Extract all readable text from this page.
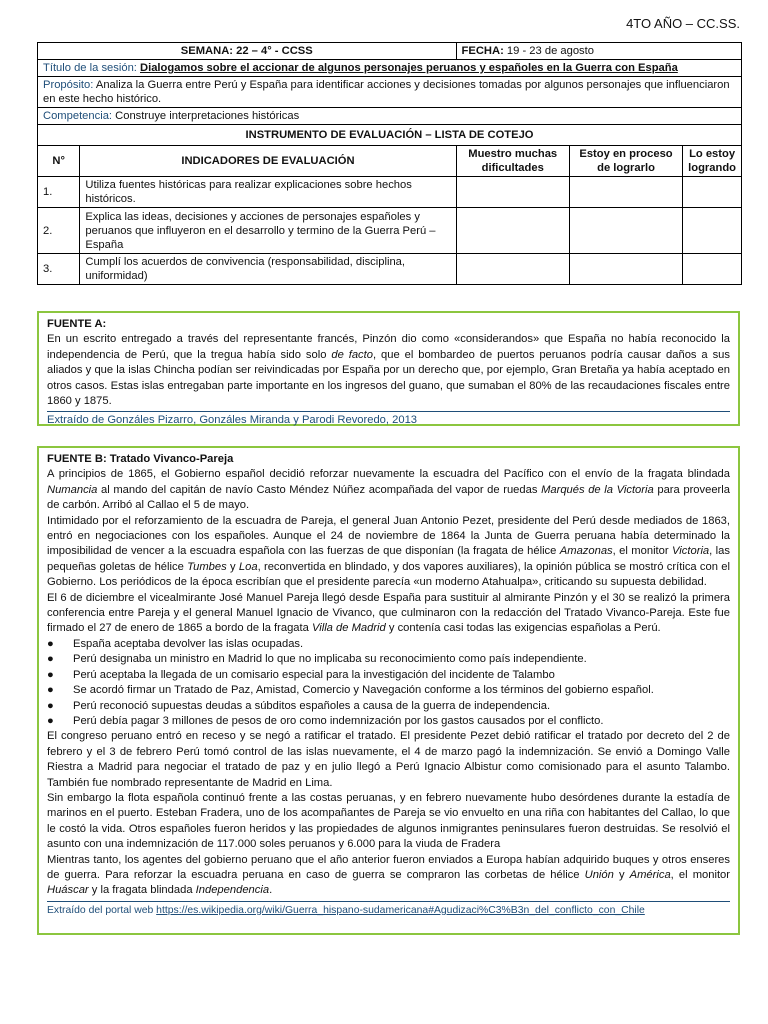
4TO AÑO – CC.SS.
SEMANA: 22 – 4° - CCSS		FECHA: 19 - 23 de agosto		
Título de la sesión: Dialogamos sobre el accionar de algunos personajes peruanos y españoles en la Guerra con España				
Propósito: Analiza la Guerra entre Perú y España para identificar acciones y decisiones tomadas por algunos personajes que influenciaron en este hecho histórico.				
Competencia: Construye interpretaciones históricas				
INSTRUMENTO DE EVALUACIÓN – LISTA DE COTEJO				
N°	INDICADORES DE EVALUACIÓN	Muestro muchas dificultades	Estoy en proceso de lograrlo	Lo estoy logrando
1.	Utiliza fuentes históricas para realizar explicaciones sobre hechos históricos.			
2.	Explica las ideas, decisiones y acciones de personajes españoles y peruanos que influyeron en el desarrollo y termino de la Guerra Perú – España			
3.	Cumplí los acuerdos de convivencia (responsabilidad, disciplina, uniformidad)			
FUENTE A:
En un escrito entregado a través del representante francés, Pinzón dio como «considerandos» que España no había reconocido la independencia de Perú, que la tregua había sido solo de facto, que el bombardeo de puertos peruanos podría causar daños a sus aliados y que la islas Chincha podían ser reivindicadas por España por un derecho que, por ejemplo, Gran Bretaña ya había aceptado en otros casos. Estas islas entregaban parte importante en los ingresos del guano, que sumaban el 80% de las recaudaciones fiscales entre 1860 y 1875.
Extraído de Gonzáles Pizarro, Gonzáles Miranda y Parodi Revoredo, 2013
FUENTE B: Tratado Vivanco-Pareja
A principios de 1865, el Gobierno español decidió reforzar nuevamente la escuadra del Pacífico con el envío de la fragata blindada Numancia al mando del capitán de navío Casto Méndez Núñez acompañada del vapor de ruedas Marqués de la Victoria para proveerla de carbón. Arribó al Callao el 5 de mayo.
Intimidado por el reforzamiento de la escuadra de Pareja, el general Juan Antonio Pezet, presidente del Perú desde mediados de 1863, entró en negociaciones con los españoles. Aunque el 24 de noviembre de 1864 la Junta de Guerra peruana había determinado la imposibilidad de vencer a la escuadra española con las fuerzas de que disponían (la fragata de hélice Amazonas, el monitor Victoria, las pequeñas goletas de hélice Tumbes y Loa, reconvertida en blindado, y dos vapores auxiliares), la opinión pública se mostró crítica con el Gobierno. Los periódicos de la época escribían que el presidente parecía «un moderno Atahualpa», criticando su supuesta debilidad.
El 6 de diciembre el vicealmirante José Manuel Pareja llegó desde España para sustituir al almirante Pinzón y el 30 se realizó la primera conferencia entre Pareja y el general Manuel Ignacio de Vivanco, que culminaron con la redacción del Tratado Vivanco-Pareja. Este fue firmado el 27 de enero de 1865 a bordo de la fragata Villa de Madrid y contenía casi todas las exigencias españolas a Perú.
●	España aceptaba devolver las islas ocupadas.
●	Perú designaba un ministro en Madrid lo que no implicaba su reconocimiento como país independiente.
●	Perú aceptaba la llegada de un comisario especial para la investigación del incidente de Talambo
●	Se acordó firmar un Tratado de Paz, Amistad, Comercio y Navegación conforme a los términos del gobierno español.
●	Perú reconoció supuestas deudas a súbditos españoles a causa de la guerra de independencia.
●	Perú debía pagar 3 millones de pesos de oro como indemnización por los gastos causados por el conflicto.
El congreso peruano entró en receso y se negó a ratificar el tratado. El presidente Pezet debió ratificar el tratado por decreto del 2 de febrero y el 3 de febrero Perú tomó control de las islas nuevamente, el 4 de marzo pagó la indemnización. Se envió a Domingo Valle Riestra a Madrid para negociar el tratado de paz y en julio llegó a Perú Ignacio Albistur como comisionado para el asunto Talambo. También fue nombrado representante de Madrid en Lima.
Sin embargo la flota española continuó frente a las costas peruanas, y en febrero nuevamente hubo desórdenes durante la estadía de marinos en el puerto. Esteban Fradera, uno de los acompañantes de Pareja se vio envuelto en una riña con habitantes del Callao, lo que le costó la vida. Otros españoles fueron heridos y las propiedades de algunos inmigrantes peninsulares fueron destruidas. Se resolvió el asunto con una indemnización de 117.000 soles peruanos y 6.000 para la viuda de Fradera
Mientras tanto, los agentes del gobierno peruano que el año anterior fueron enviados a Europa habían adquirido buques y otros enseres de guerra. Para reforzar la escuadra peruana en caso de guerra se compraron las corbetas de hélice Unión y América, el monitor Huáscar y la fragata blindada Independencia.
Extraído del portal web https://es.wikipedia.org/wiki/Guerra_hispano-sudamericana#Agudizaci%C3%B3n_del_conflicto_con_Chile
